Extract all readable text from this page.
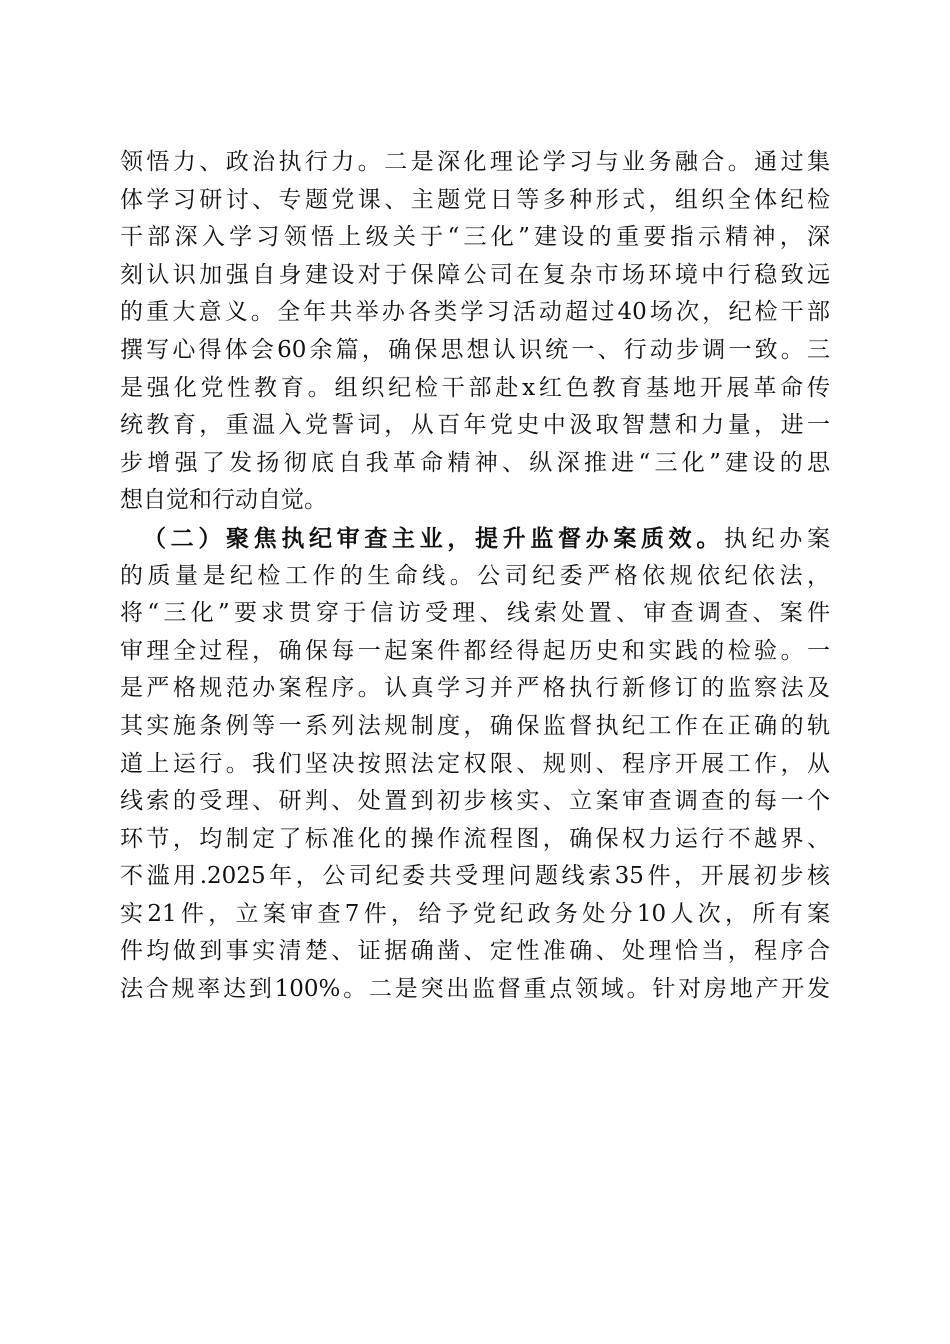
领悟力、政治执行力。二是深化理论学习与业务融合。通过集
体学习研讨、专题党课、主题党日等多种形式，组织全体纪检
干部深入学习领悟上级关于“三化”建设的重要指示精神，深
刻认识加强自身建设对于保障公司在复杂市场环境中行稳致远
的重大意义。全年共举办各类学习活动超过40场次，纪检干部
撰写心得体会60余篇，确保思想认识统一、行动步调一致。三
是强化党性教育。组织纪检干部赴x红色教育基地开展革命传
统教育，重温入党誓词，从百年党史中汲取智慧和力量，进一
步增强了发扬彻底自我革命精神、纵深推进“三化”建设的思
想自觉和行动自觉。
（二）聚焦执纪审查主业，提升监督办案质效。执纪办案
的质量是纪检工作的生命线。公司纪委严格依规依纪依法，
将“三化”要求贯穿于信访受理、线索处置、审查调查、案件
审理全过程，确保每一起案件都经得起历史和实践的检验。一
是严格规范办案程序。认真学习并严格执行新修订的监察法及
其实施条例等一系列法规制度，确保监督执纪工作在正确的轨
道上运行。我们坚决按照法定权限、规则、程序开展工作，从
线索的受理、研判、处置到初步核实、立案审查调查的每一个
环节，均制定了标准化的操作流程图，确保权力运行不越界、
不滥用.2025年，公司纪委共受理问题线索35件，开展初步核
实21件，立案审查7件，给予党纪政务处分10人次，所有案
件均做到事实清楚、证据确凿、定性准确、处理恰当，程序合
法合规率达到100%。二是突出监督重点领域。针对房地产开发
